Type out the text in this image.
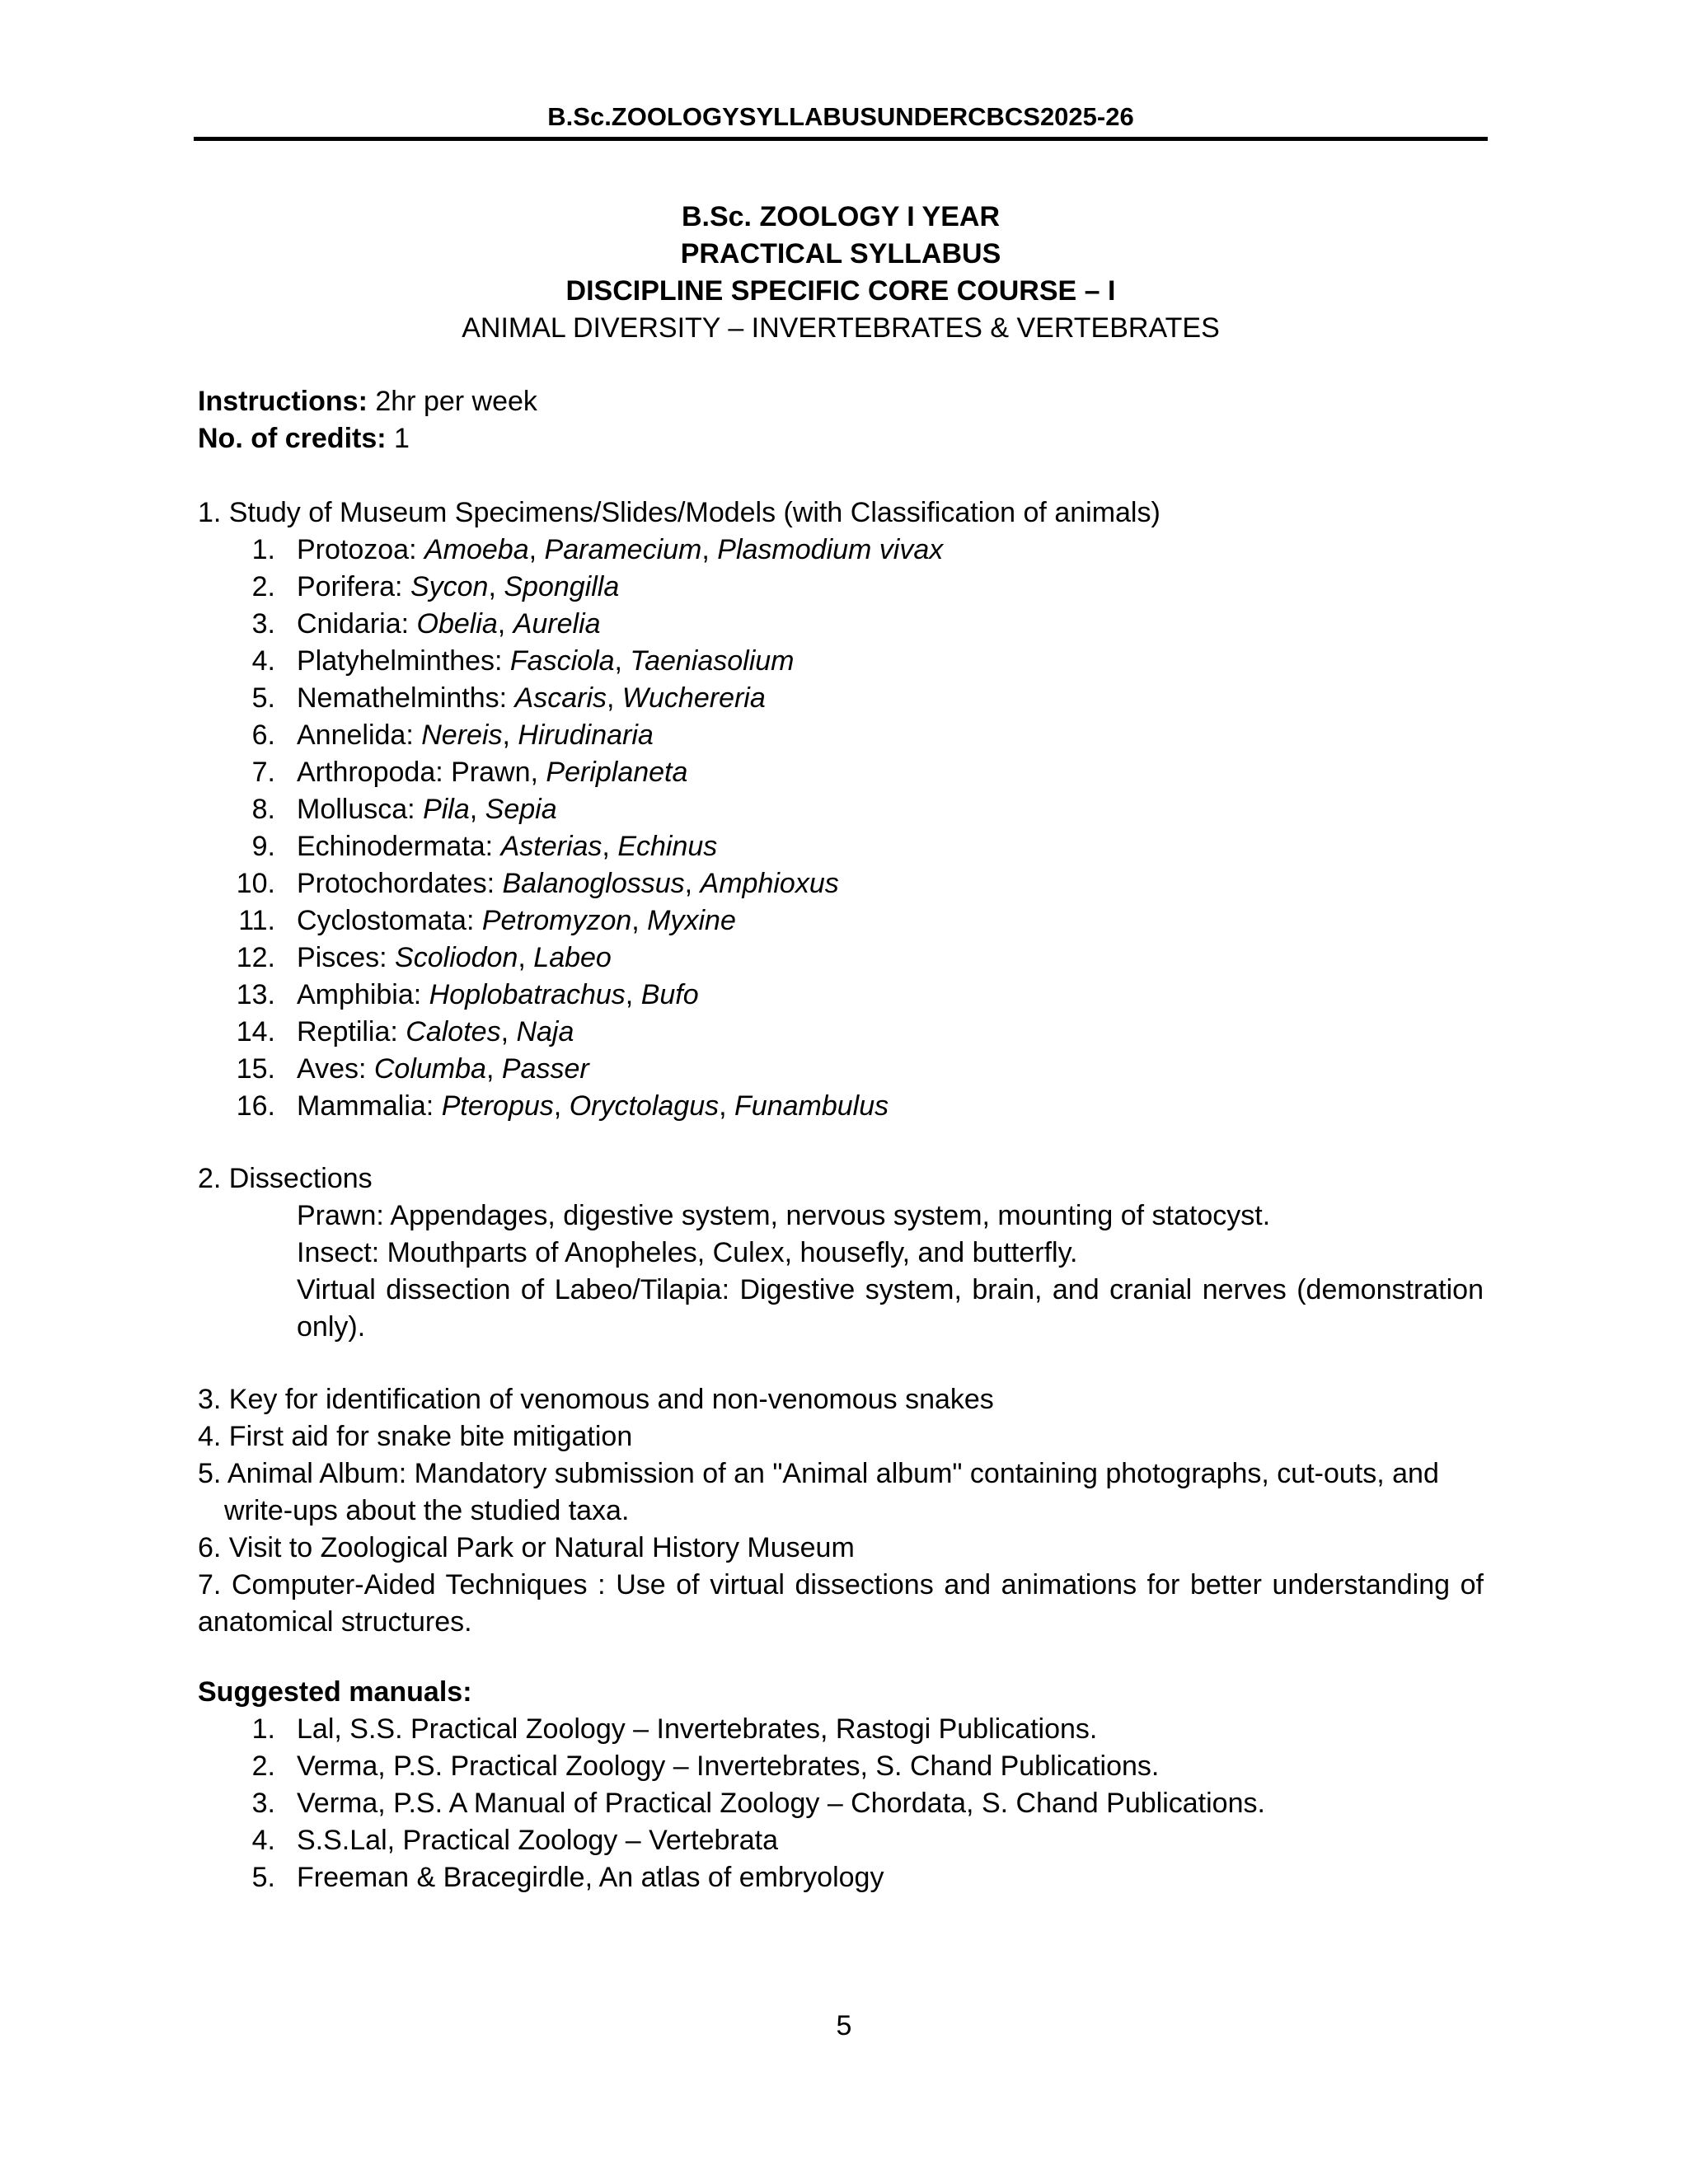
B.Sc.ZOOLOGYSYLLABUSUNDERCBCS2025-26
B.Sc. ZOOLOGY I YEAR
PRACTICAL SYLLABUS
DISCIPLINE SPECIFIC CORE COURSE – I
ANIMAL DIVERSITY – INVERTEBRATES & VERTEBRATES
Instructions: 2hr per week
No. of credits: 1
1. Study of Museum Specimens/Slides/Models (with Classification of animals)
1. Protozoa: Amoeba, Paramecium, Plasmodium vivax
2. Porifera: Sycon, Spongilla
3. Cnidaria: Obelia, Aurelia
4. Platyhelminthes: Fasciola, Taeniasolium
5. Nemathelminths: Ascaris, Wuchereria
6. Annelida: Nereis, Hirudinaria
7. Arthropoda: Prawn, Periplaneta
8. Mollusca: Pila, Sepia
9. Echinodermata: Asterias, Echinus
10. Protochordates: Balanoglossus, Amphioxus
11. Cyclostomata: Petromyzon, Myxine
12. Pisces: Scoliodon, Labeo
13. Amphibia: Hoplobatrachus, Bufo
14. Reptilia: Calotes, Naja
15. Aves: Columba, Passer
16. Mammalia: Pteropus, Oryctolagus, Funambulus
2. Dissections
Prawn: Appendages, digestive system, nervous system, mounting of statocyst.
Insect: Mouthparts of Anopheles, Culex, housefly, and butterfly.
Virtual dissection of Labeo/Tilapia: Digestive system, brain, and cranial nerves (demonstration
only).
3. Key for identification of venomous and non-venomous snakes
4. First aid for snake bite mitigation
5. Animal Album: Mandatory submission of an "Animal album" containing photographs, cut-outs, and
write-ups about the studied taxa.
6. Visit to Zoological Park or Natural History Museum
7. Computer-Aided Techniques : Use of virtual dissections and animations for better understanding of
anatomical structures.
Suggested manuals:
1. Lal, S.S. Practical Zoology – Invertebrates, Rastogi Publications.
2. Verma, P.S. Practical Zoology – Invertebrates, S. Chand Publications.
3. Verma, P.S. A Manual of Practical Zoology – Chordata, S. Chand Publications.
4. S.S.Lal, Practical Zoology – Vertebrata
5. Freeman & Bracegirdle, An atlas of embryology
5
